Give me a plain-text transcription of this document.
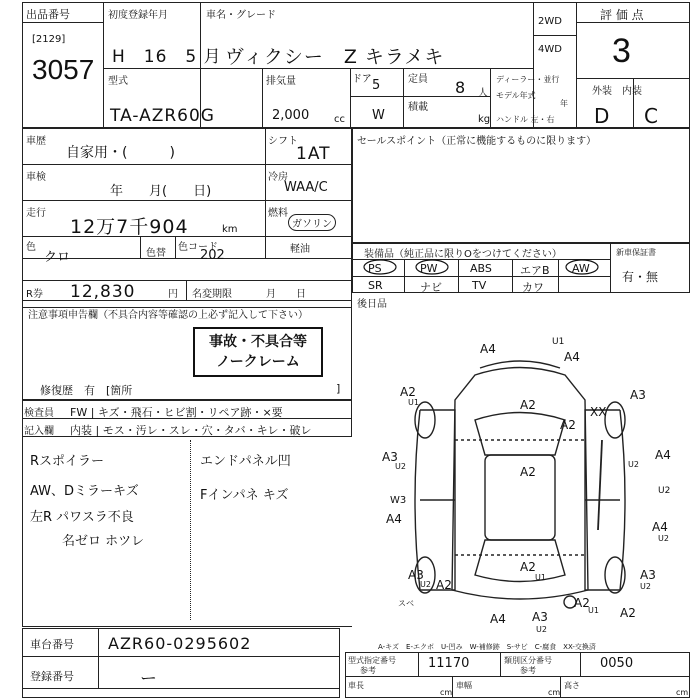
出品番号
[2129]
3057
初度登録年月
H　16　5 月
車名・グレード
ヴィクシー　Z キラメキ
2WD
4WD
評 価 点
3
型式
TA-AZR60G
排気量
2,000 cc
ドア 5	定員 8 人
積載
W	kg
ディーラー・並行
モデル年式
年
ハンドル 左・右
外装　内装
D C
車歴
自家用・(　　　)
車検
年　　月(　　日)
走行
12万7千904	km
色
クロ	色替
色コード
202
シフト
1AT
冷房
WAA/C
燃料
ガソリン
軽油
R券 12,830	円 名変期限	月　　日
セールスポイント（正常に機能するものに限ります）
装備品（純正品に限りOをつけてください）
PS	PW	ABS	エアB AW
SR	ナビ	TV	カワ
新車保証書
有・無
後日品
注意事項申告欄（不具合内容等確認の上必ず記入して下さい）
事故・不具合等
ノークレーム
修復歴　有　[箇所	]
検査員
記入欄
FW | キズ・飛石・ヒビ割・リペア跡・×要
内装 | モス・汚レ・スレ・穴・タバ・キレ・破レ
Rスポイラー
AW、Dミラーキズ
左R パワスラ不良
名ゼロ ホツレ
エンドパネル凹
Fインパネ キズ
A4	U1
A4
A2
A3
XX
A2
U1
A2
A4
U2
A3
U2	A2
U2
W3
A4
A4
U2
A2
U1
A3
A2
U2
A3
U2
A4 A3	A2
U2
A2
U1
スベ
A-キズ　E-エクボ　U-凹み　W-補修跡　S-サビ　C-腐食　XX-交換済
車台番号 AZR60-0295602
登録番号	ー
型式指定番号
参考	11170	類別区分番号
参考	0050
車長
cm
車幅
cm
高さ
cm
